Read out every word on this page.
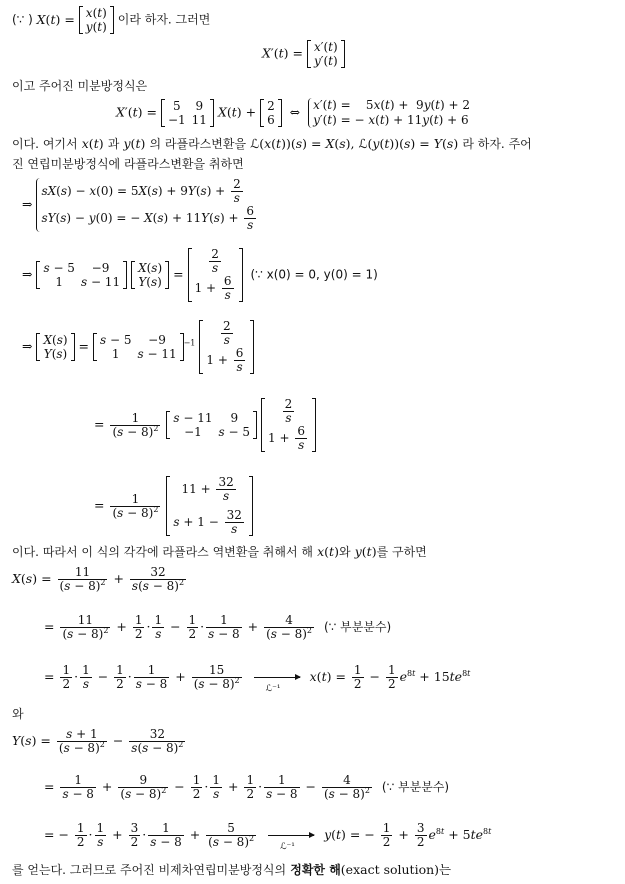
(∵ ) X(t) = x(t)
y(t)
이라 하자. 그러면
X′(t) = x′(t)
y′(t)
이고 주어진 미분방정식은
X′(t) = 5	9
−1	11
X(t) + 2
6
⇔ x′(t) =    5x(t) +  9y(t) + 2
y′(t) = − x(t) + 11y(t) + 6
이다. 여기서 x(t) 과 y(t) 의 라플라스변환을 ℒ(x(t))(s) = X(s), ℒ(y(t))(s) = Y(s) 라 하자. 주어
진 연립미분방정식에 라플라스변환을 취하면
⇒
$sX(s) - x(0) = 5X(s) + 9Y(s) + \frac{2}{s}$
sY(s) − y(0) = − $X(s) + 11Y(s) + \frac{6}{s}$
⇒ s − 5	−9
1	s − 11

X(s)
Y(s)
= $\frac{2}{s}$

$1 + \frac{6}{s}$
(∵ x(0) = 0, y(0) = 1)
⇒ X(s)
Y(s)
= s − 5	−9
1	s − 11
$^{-1} \frac{2}{s}$

$1 + \frac{6}{s}$
= $\frac{1}{(s - 8)^2}$
s − 11	9
−1	s − 5

$\frac{2}{s}$

$1 + \frac{6}{s}$
= $\frac{1}{(s - 8)^2}$

$11 + \frac{32}{s}$

$s + 1 - \frac{32}{s}$
이다. 따라서 이 식의 각각에 라플라스 역변환을 취해서 해 x(t)와 y(t)를 구하면
$X(s) = \frac{11}{(s - 8)^2} + \frac{32}{s(s - 8)^2}$
= $\frac{11}{(s - 8)^2} + \frac{1}{2} \cdot \frac{1}{s} - \frac{1}{2} \cdot \frac{1}{s - 8} + \frac{4}{(s - 8)^2}$ (∵ 부분분수)
= $\frac{1}{2} \cdot \frac{1}{s} - \frac{1}{2} \cdot \frac{1}{s - 8} + \frac{15}{(s - 8)^2}$
	ℒ⁻¹
$x(t) = \frac{1}{2} - \frac{1}{2} e^{8t} + 15te^{8t}$
와
$Y(s) = \frac{s + 1}{(s - 8)^2} - \frac{32}{s(s - 8)^2}$
= $\frac{1}{s - 8} + \frac{9}{(s - 8)^2} - \frac{1}{2} \cdot \frac{1}{s} + \frac{1}{2} \cdot \frac{1}{s - 8} - \frac{4}{(s - 8)^2}$ (∵ 부분분수)
= − $\frac{1}{2} \cdot \frac{1}{s} + \frac{3}{2} \cdot \frac{1}{s - 8} + \frac{5}{(s - 8)^2}$
	ℒ⁻¹
y(t) = − $\frac{1}{2} + \frac{3}{2} e^{8t} + 5te^{8t}$
를 얻는다. 그러므로 주어진 비제차연립미분방정식의 정확한 해(exact solution)는
